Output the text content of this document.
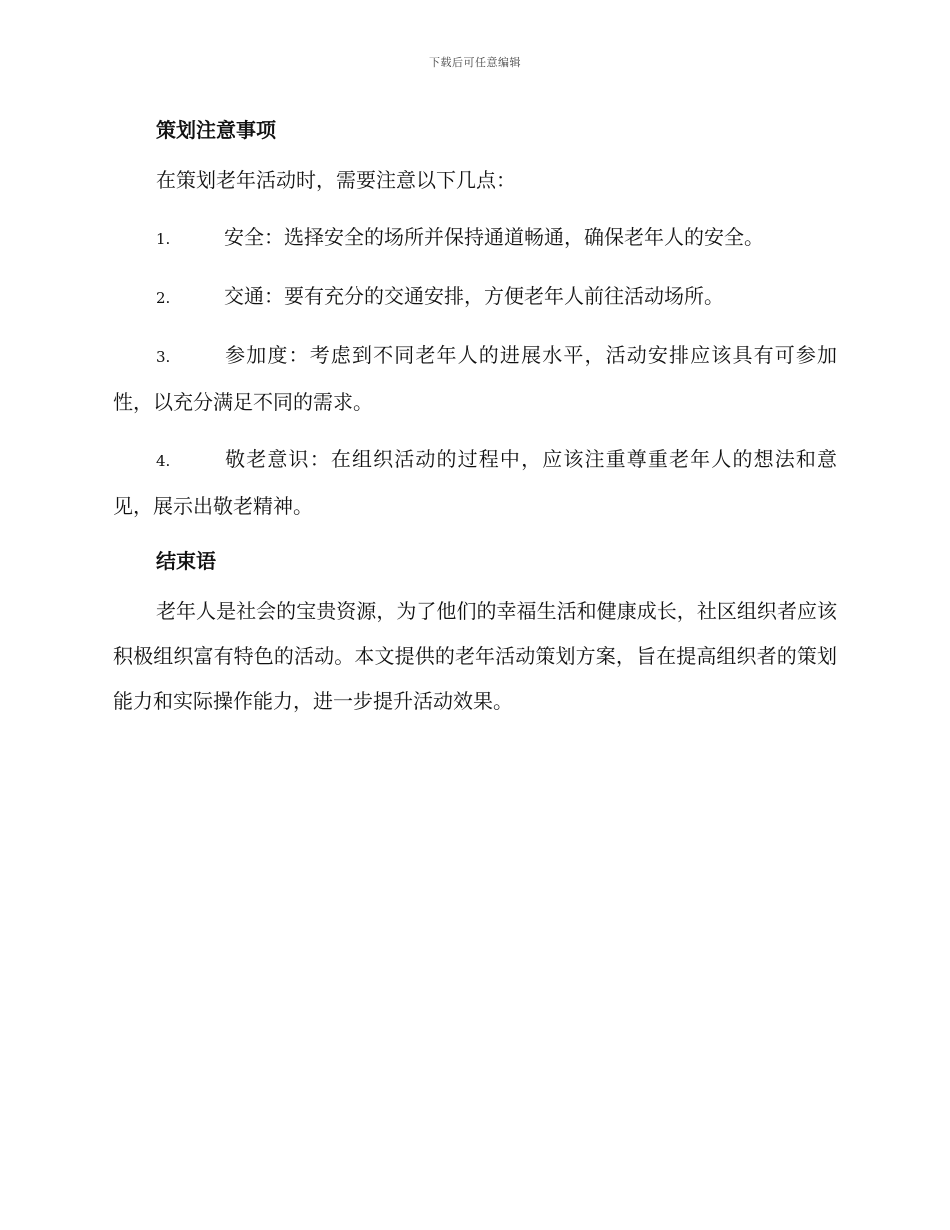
下载后可任意编辑
策划注意事项

在策划老年活动时，需要注意以下几点：

1.	安全：选择安全的场所并保持通道畅通，确保老年人的安全。

2.	交通：要有充分的交通安排，方便老年人前往活动场所。

3.	参加度：考虑到不同老年人的进展水平，活动安排应该具有可参加性，以充分满足不同的需求。

4.	敬老意识：在组织活动的过程中，应该注重尊重老年人的想法和意见，展示出敬老精神。

结束语

老年人是社会的宝贵资源，为了他们的幸福生活和健康成长，社区组织者应该积极组织富有特色的活动。本文提供的老年活动策划方案，旨在提高组织者的策划能力和实际操作能力，进一步提升活动效果。
